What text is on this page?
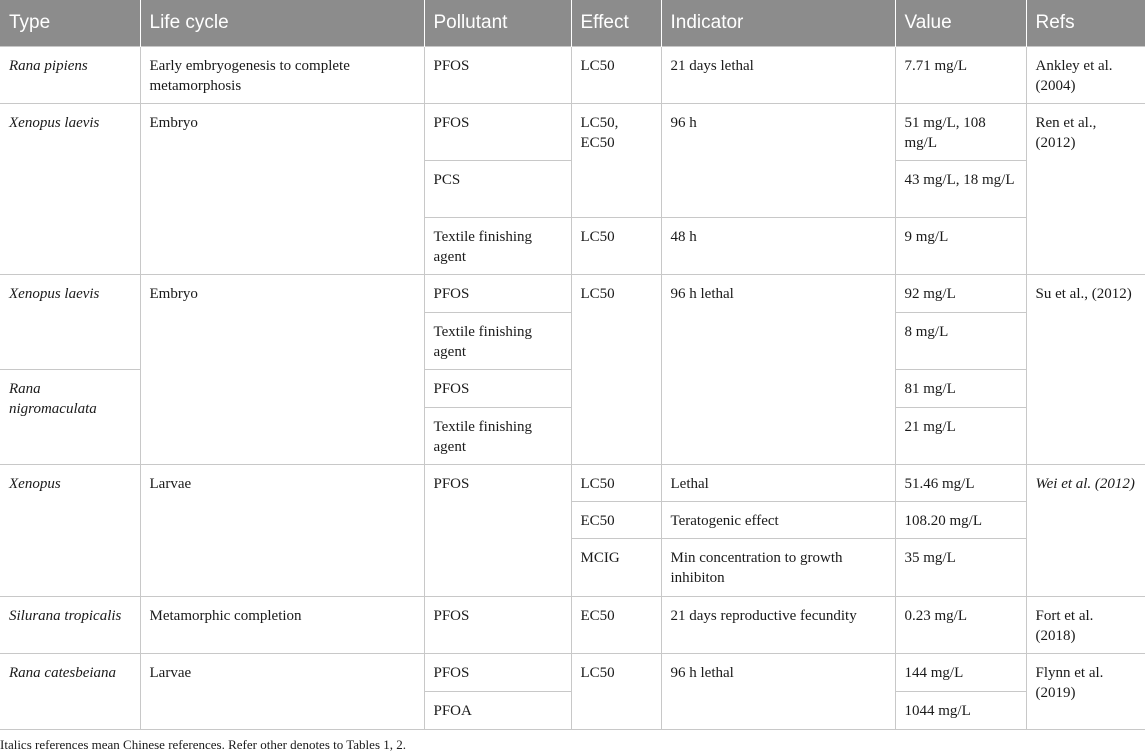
Type	Life cycle	Pollutant	Effect	Indicator	Value	Refs
Rana pipiens	Early embryogenesis to complete metamorphosis	PFOS	LC50	21 days lethal	7.71 mg/L	Ankley et al. (2004)
Xenopus laevis	Embryo	PFOS	LC50, EC50	96 h	51 mg/L, 108 mg/L	Ren et al., (2012)
		PCS			43 mg/L, 18 mg/L	
		Textile finishing agent	LC50	48 h	9 mg/L	
Xenopus laevis	Embryo	PFOS	LC50	96 h lethal	92 mg/L	Su et al., (2012)
		Textile finishing agent			8 mg/L	
Rana nigromaculata		PFOS			81 mg/L	
		Textile finishing agent			21 mg/L	
Xenopus	Larvae	PFOS	LC50	Lethal	51.46 mg/L	Wei et al. (2012)
			EC50	Teratogenic effect	108.20 mg/L	
			MCIG	Min concentration to growth inhibiton	35 mg/L	
Silurana tropicalis	Metamorphic completion	PFOS	EC50	21 days reproductive fecundity	0.23 mg/L	Fort et al. (2018)
Rana catesbeiana	Larvae	PFOS	LC50	96 h lethal	144 mg/L	Flynn et al. (2019)
		PFOA			1044 mg/L	
Italics references mean Chinese references. Refer other denotes to Tables 1, 2.
